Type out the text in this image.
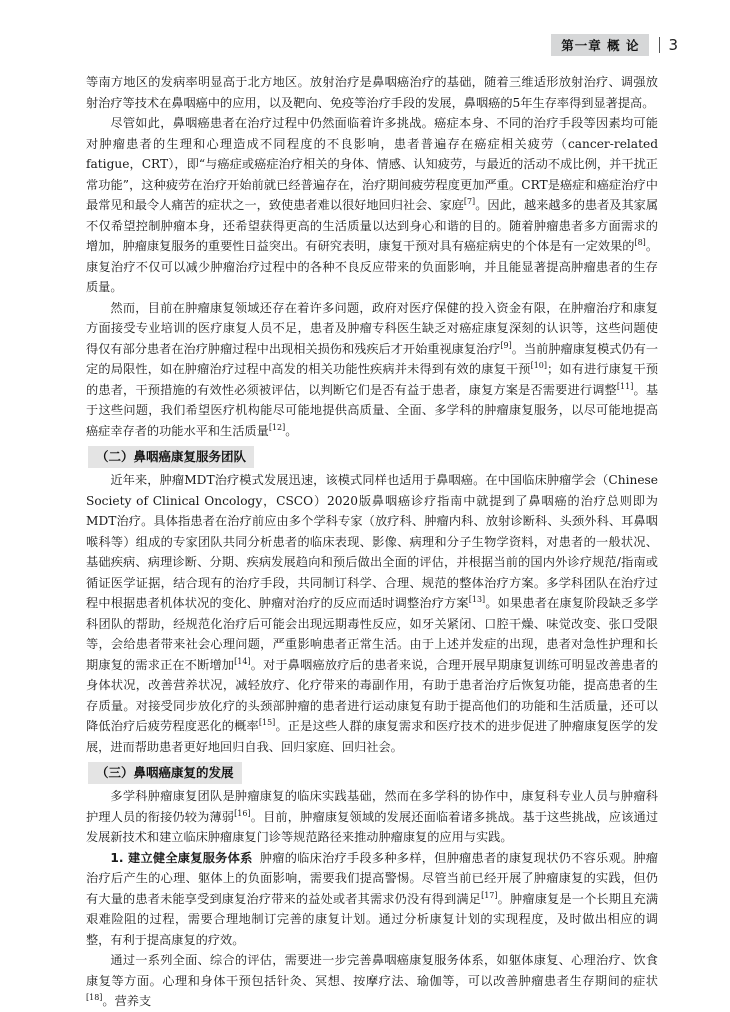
第一章 概 论	3

等南方地区的发病率明显高于北方地区。放射治疗是鼻咽癌治疗的基础，随着三维适形放射治疗、调强放射治疗等技术在鼻咽癌中的应用，以及靶向、免疫等治疗手段的发展，鼻咽癌的5年生存率得到显著提高。

尽管如此，鼻咽癌患者在治疗过程中仍然面临着许多挑战。癌症本身、不同的治疗手段等因素均可能对肿瘤患者的生理和心理造成不同程度的不良影响，患者普遍存在癌症相关疲劳（cancer-related fatigue，CRT），即“与癌症或癌症治疗相关的身体、情感、认知疲劳，与最近的活动不成比例，并干扰正常功能”，这种疲劳在治疗开始前就已经普遍存在，治疗期间疲劳程度更加严重。CRT是癌症和癌症治疗中最常见和最令人痛苦的症状之一，致使患者难以很好地回归社会、家庭[7]。因此，越来越多的患者及其家属不仅希望控制肿瘤本身，还希望获得更高的生活质量以达到身心和谐的目的。随着肿瘤患者多方面需求的增加，肿瘤康复服务的重要性日益突出。有研究表明，康复干预对具有癌症病史的个体是有一定效果的[8]。康复治疗不仅可以减少肿瘤治疗过程中的各种不良反应带来的负面影响，并且能显著提高肿瘤患者的生存质量。

然而，目前在肿瘤康复领域还存在着许多问题，政府对医疗保健的投入资金有限，在肿瘤治疗和康复方面接受专业培训的医疗康复人员不足，患者及肿瘤专科医生缺乏对癌症康复深刻的认识等，这些问题使得仅有部分患者在治疗肿瘤过程中出现相关损伤和残疾后才开始重视康复治疗[9]。当前肿瘤康复模式仍有一定的局限性，如在肿瘤治疗过程中高发的相关功能性疾病并未得到有效的康复干预[10]；如有进行康复干预的患者，干预措施的有效性必须被评估，以判断它们是否有益于患者，康复方案是否需要进行调整[11]。基于这些问题，我们希望医疗机构能尽可能地提供高质量、全面、多学科的肿瘤康复服务，以尽可能地提高癌症幸存者的功能水平和生活质量[12]。

（二）鼻咽癌康复服务团队

近年来，肿瘤MDT治疗模式发展迅速，该模式同样也适用于鼻咽癌。在中国临床肿瘤学会（Chinese Society of Clinical Oncology，CSCO）2020版鼻咽癌诊疗指南中就提到了鼻咽癌的治疗总则即为MDT治疗。具体指患者在治疗前应由多个学科专家（放疗科、肿瘤内科、放射诊断科、头颈外科、耳鼻咽喉科等）组成的专家团队共同分析患者的临床表现、影像、病理和分子生物学资料，对患者的一般状况、基础疾病、病理诊断、分期、疾病发展趋向和预后做出全面的评估，并根据当前的国内外诊疗规范/指南或循证医学证据，结合现有的治疗手段，共同制订科学、合理、规范的整体治疗方案。多学科团队在治疗过程中根据患者机体状况的变化、肿瘤对治疗的反应而适时调整治疗方案[13]。如果患者在康复阶段缺乏多学科团队的帮助，经规范化治疗后可能会出现远期毒性反应，如牙关紧闭、口腔干燥、味觉改变、张口受限等，会给患者带来社会心理问题，严重影响患者正常生活。由于上述并发症的出现，患者对急性护理和长期康复的需求正在不断增加[14]。对于鼻咽癌放疗后的患者来说，合理开展早期康复训练可明显改善患者的身体状况，改善营养状况，减轻放疗、化疗带来的毒副作用，有助于患者治疗后恢复功能，提高患者的生存质量。对接受同步放化疗的头颈部肿瘤的患者进行运动康复有助于提高他们的功能和生活质量，还可以降低治疗后疲劳程度恶化的概率[15]。正是这些人群的康复需求和医疗技术的进步促进了肿瘤康复医学的发展，进而帮助患者更好地回归自我、回归家庭、回归社会。

（三）鼻咽癌康复的发展

多学科肿瘤康复团队是肿瘤康复的临床实践基础，然而在多学科的协作中，康复科专业人员与肿瘤科护理人员的衔接仍较为薄弱[16]。目前，肿瘤康复领域的发展还面临着诸多挑战。基于这些挑战，应该通过发展新技术和建立临床肿瘤康复门诊等规范路径来推动肿瘤康复的应用与实践。

1. 建立健全康复服务体系 肿瘤的临床治疗手段多种多样，但肿瘤患者的康复现状仍不容乐观。肿瘤治疗后产生的心理、躯体上的负面影响，需要我们提高警惕。尽管当前已经开展了肿瘤康复的实践，但仍有大量的患者未能享受到康复治疗带来的益处或者其需求仍没有得到满足[17]。肿瘤康复是一个长期且充满艰难险阻的过程，需要合理地制订完善的康复计划。通过分析康复计划的实现程度，及时做出相应的调整，有利于提高康复的疗效。

通过一系列全面、综合的评估，需要进一步完善鼻咽癌康复服务体系，如躯体康复、心理治疗、饮食康复等方面。心理和身体干预包括针灸、冥想、按摩疗法、瑜伽等，可以改善肿瘤患者生存期间的症状[18]。营养支
